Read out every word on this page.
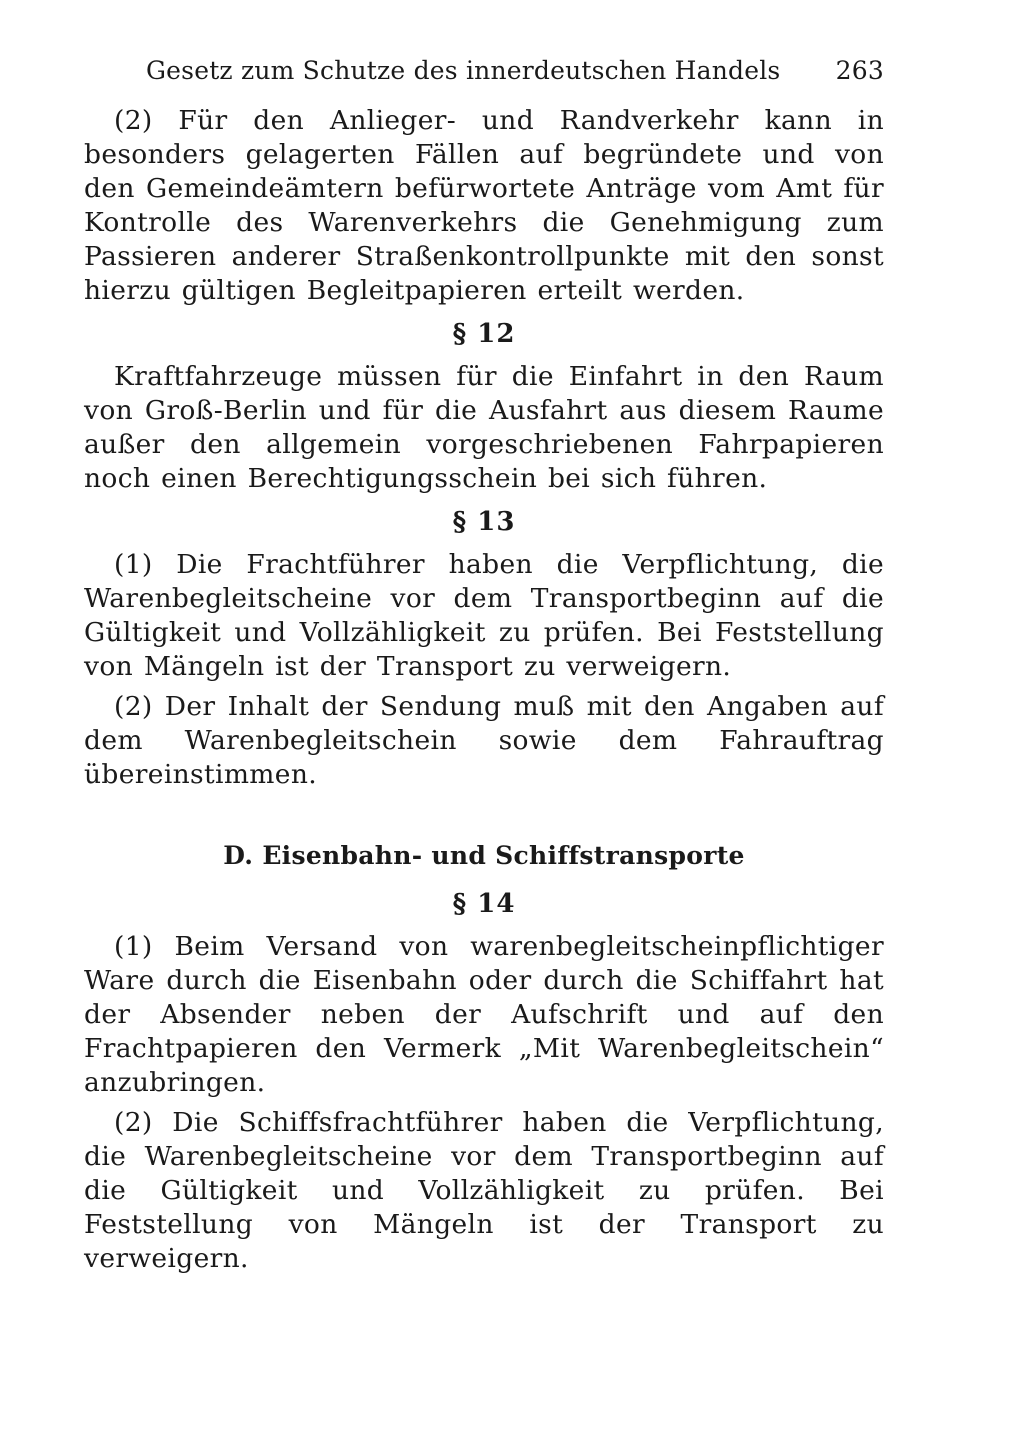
Gesetz zum Schutze des innerdeutschen Handels 263

(2) Für den Anlieger- und Randverkehr kann in besonders gelagerten Fällen auf begründete und von den Gemeindeämtern befürwortete Anträge vom Amt für Kontrolle des Warenverkehrs die Genehmigung zum Passieren anderer Straßenkontrollpunkte mit den sonst hierzu gültigen Begleitpapieren erteilt werden.

§ 12

Kraftfahrzeuge müssen für die Einfahrt in den Raum von Groß-Berlin und für die Ausfahrt aus diesem Raume außer den allgemein vorgeschriebenen Fahrpapieren noch einen Berechtigungsschein bei sich führen.

§ 13

(1) Die Frachtführer haben die Verpflichtung, die Warenbegleitscheine vor dem Transportbeginn auf die Gültigkeit und Vollzähligkeit zu prüfen. Bei Feststellung von Mängeln ist der Transport zu verweigern.

(2) Der Inhalt der Sendung muß mit den Angaben auf dem Warenbegleitschein sowie dem Fahrauftrag übereinstimmen.

D. Eisenbahn- und Schiffstransporte
§ 14

(1) Beim Versand von warenbegleitscheinpflichtiger Ware durch die Eisenbahn oder durch die Schiffahrt hat der Absender neben der Aufschrift und auf den Frachtpapieren den Vermerk „Mit Warenbegleitschein“ anzubringen.

(2) Die Schiffsfrachtführer haben die Verpflichtung, die Warenbegleitscheine vor dem Transportbeginn auf die Gültigkeit und Vollzähligkeit zu prüfen. Bei Feststellung von Mängeln ist der Transport zu verweigern.
